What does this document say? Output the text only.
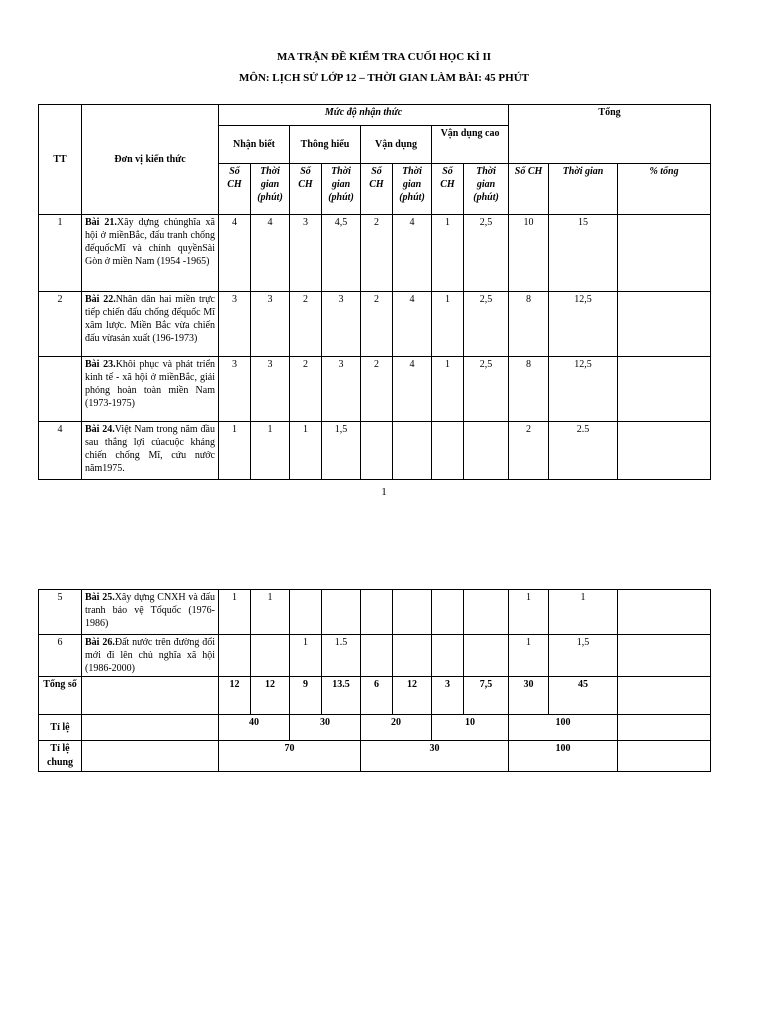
MA TRẬN ĐỀ KIỂM TRA CUỐI HỌC KÌ II
MÔN: LỊCH SỬ LỚP 12 – THỜI GIAN LÀM BÀI: 45 PHÚT
TT	Đơn vị kiến thức	Mức độ nhận thức								Tổng		
		Nhận biết		Thông hiểu		Vận dụng		Vận dụng cao				
		Số CH	Thời gian (phút)	Số CH	Thời gian (phút)	Số CH	Thời gian (phút)	Số CH	Thời gian (phút)	Số CH	Thời gian	% tổng
1	Bài 21.Xây dựng chủnghĩa xã hội ở miềnBắc, đấu tranh chống đếquốcMĩ và chính quyềnSài Gòn ở miền Nam (1954 -1965)	4	4	3	4,5	2	4	1	2,5	10	15	
2	Bài 22.Nhân dân hai miền trực tiếp chiến đấu chống đếquốc Mĩ xâm lược. Miền Bắc vừa chiến đấu vừasản xuất (196-1973)	3	3	2	3	2	4	1	2,5	8	12,5	
	Bài 23.Khôi phục và phát triển kinh tế - xã hội ở miềnBắc, giải phóng hoàn toàn miền Nam (1973-1975)	3	3	2	3	2	4	1	2,5	8	12,5	
4	Bài 24.Việt Nam trong năm đầu sau thắng lợi củacuộc kháng chiến chống Mĩ, cứu nước năm1975.	1	1	1	1,5					2	2.5	
1
5	Bài 25.Xây dựng CNXH và đấu tranh bảo vệ Tổquốc (1976-1986)	1	1							1	1	
6	Bài 26.Đất nước trên đường đổi mới đi lên chủ nghĩa xã hội (1986-2000)			1	1.5					1	1,5	
Tổng số		12	12	9	13.5	6	12	3	7,5	30	45	
Tỉ lệ		40		30		20		10		100		
Tỉ lệ chung		70				30				100		
